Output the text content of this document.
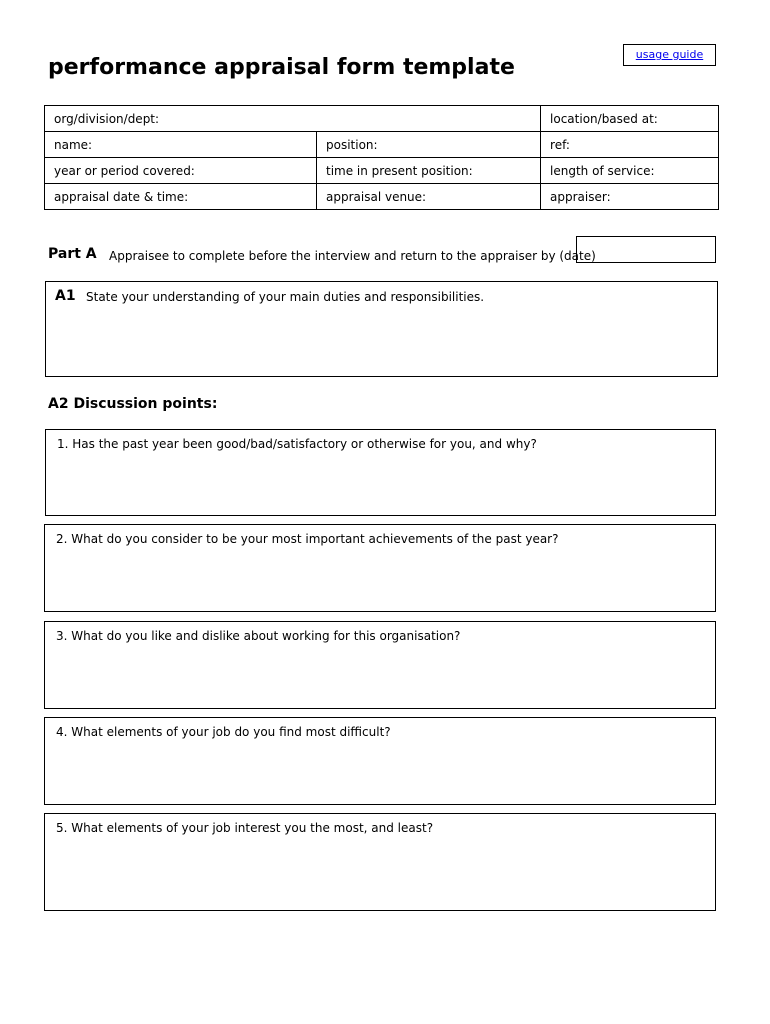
usage guide
performance appraisal form template
org/division/dept:		location/based at:
name:	position:	ref:
year or period covered:	time in present position:	length of service:
appraisal date & time:	appraisal venue:	appraiser:
Part A Appraisee to complete before the interview and return to the appraiser by (date)
A1 State your understanding of your main duties and responsibilities.
A2 Discussion points:
1. Has the past year been good/bad/satisfactory or otherwise for you, and why?
2. What do you consider to be your most important achievements of the past year?
3. What do you like and dislike about working for this organisation?
4. What elements of your job do you find most difficult?
5. What elements of your job interest you the most, and least?
